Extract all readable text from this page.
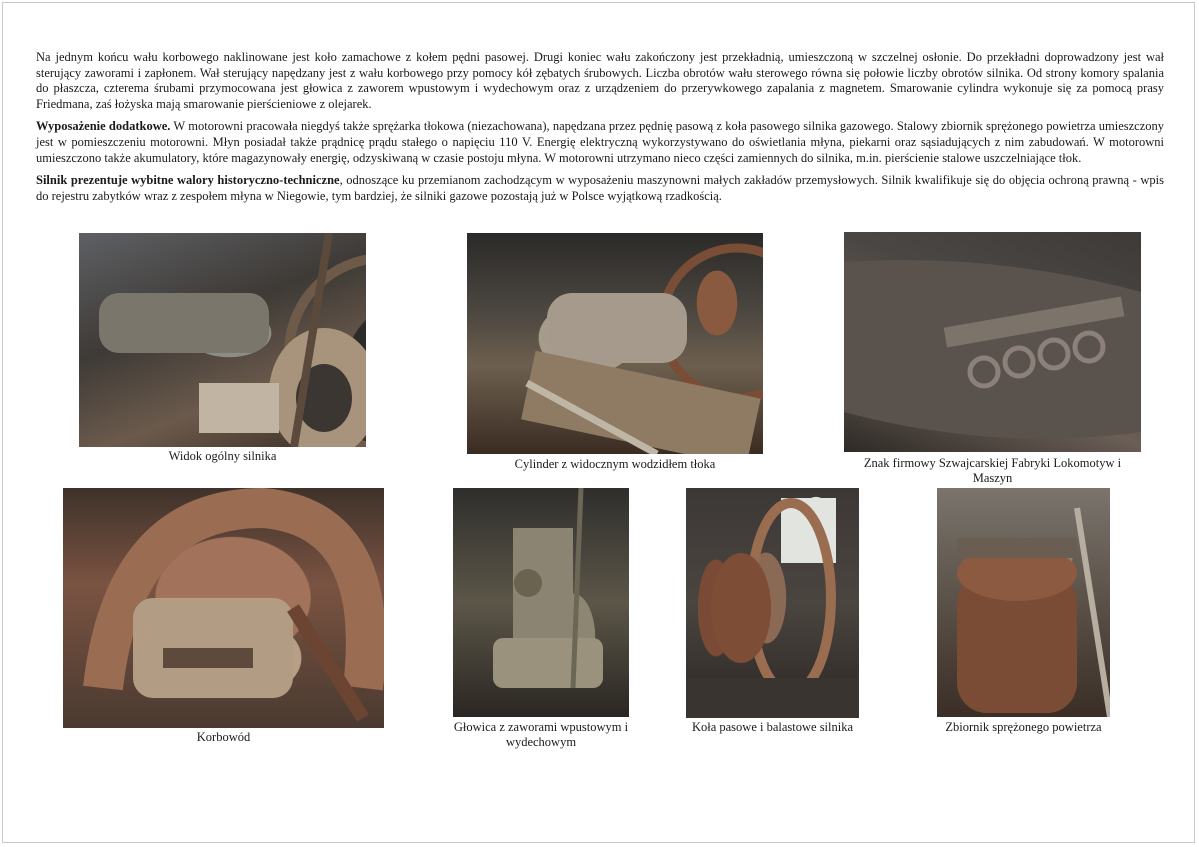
Na jednym końcu wału korbowego naklinowane jest koło zamachowe z kołem pędni pasowej. Drugi koniec wału zakończony jest przekładnią, umieszczoną w szczelnej osłonie. Do przekładni doprowadzony jest wał sterujący zaworami i zapłonem. Wał sterujący napędzany jest z wału korbowego przy pomocy kół zębatych śrubowych. Liczba obrotów wału sterowego równa się połowie liczby obrotów silnika. Od strony komory spalania do płaszcza, czterema śrubami przymocowana jest głowica z zaworem wpustowym i wydechowym oraz z urządzeniem do przerywkowego zapalania z magnetem. Smarowanie cylindra wykonuje się za pomocą prasy Friedmana, zaś łożyska mają smarowanie pierścieniowe z olejarek.

Wyposażenie dodatkowe. W motorowni pracowała niegdyś także sprężarka tłokowa (niezachowana), napędzana przez pędnię pasową z koła pasowego silnika gazowego. Stalowy zbiornik sprężonego powietrza umieszczony jest w pomieszczeniu motorowni. Młyn posiadał także prądnicę prądu stałego o napięciu 110 V. Energię elektryczną wykorzystywano do oświetlania młyna, piekarni oraz sąsiadujących z nim zabudowań. W motorowni umieszczono także akumulatory, które magazynowały energię, odzyskiwaną w czasie postoju młyna. W motorowni utrzymano nieco części zamiennych do silnika, m.in. pierścienie stalowe uszczelniające tłok.

Silnik prezentuje wybitne walory historyczno-techniczne, odnoszące ku przemianom zachodzącym w wyposażeniu maszynowni małych zakładów przemysłowych. Silnik kwalifikuje się do objęcia ochroną prawną - wpis do rejestru zabytków wraz z zespołem młyna w Niegowie, tym bardziej, że silniki gazowe pozostają już w Polsce wyjątkową rzadkością.

Widok ogólny silnika
Cylinder z widocznym wodzidłem tłoka	Znak firmowy Szwajcarskiej Fabryki Lokomotyw i Maszyn
Korbowód
Głowica z zaworami wpustowym i wydechowym
Koła pasowe i balastowe silnika	Zbiornik sprężonego powietrza
